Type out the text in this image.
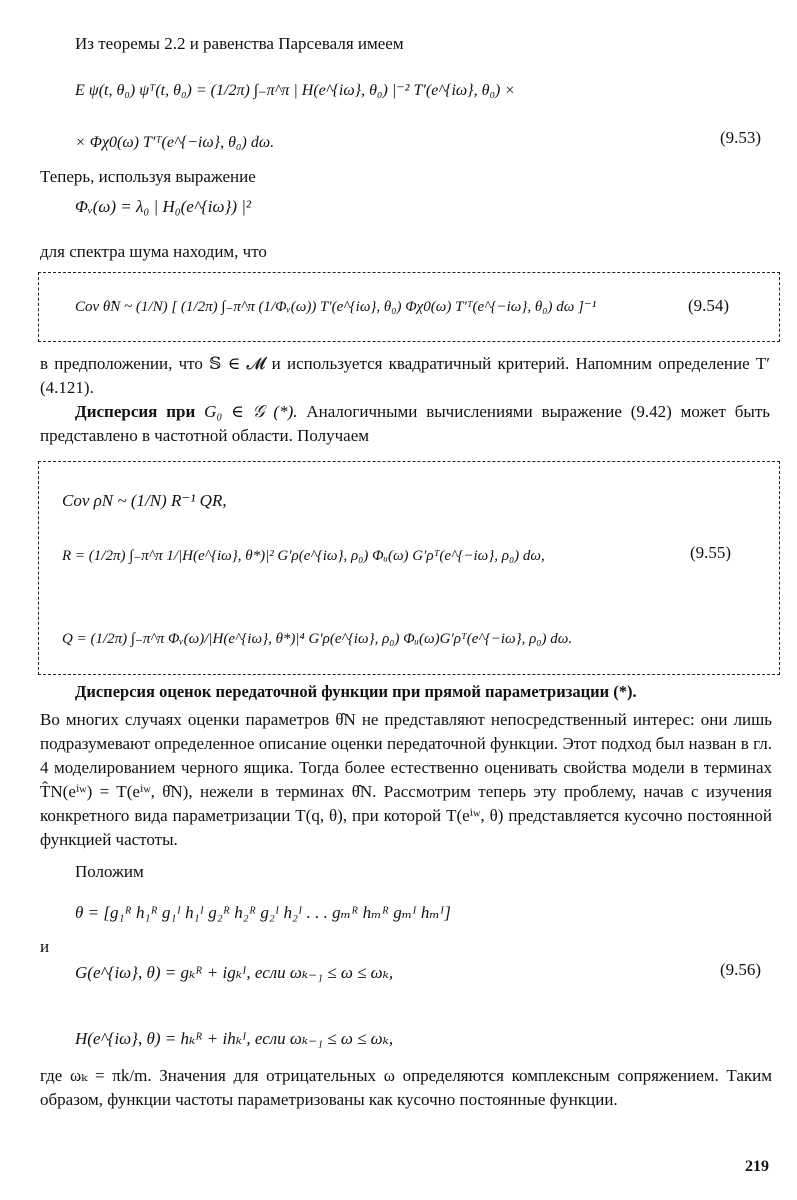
Из теоремы 2.2 и равенства Парсеваля имеем
E ψ(t, θ₀) ψᵀ(t, θ₀) = (1/2π) ∫₋π^π | H(e^{iω}, θ₀) |⁻² T′(e^{iω}, θ₀) ×
× Φχ0(ω) T′ᵀ(e^{−iω}, θ₀) dω.	(9.53)
Теперь, используя выражение
Φᵥ(ω) = λ₀ | H₀(e^{iω}) |²
для спектра шума находим, что
Cov θ̂N ~ (1/N) [ (1/2π) ∫₋π^π (1/Φᵥ(ω)) T′(e^{iω}, θ₀) Φχ0(ω) T′ᵀ(e^{−iω}, θ₀) dω ]⁻¹	(9.54)
в предположении, что 𝕊 ∈ 𝓜 и используется квадратичный критерий. Напомним определение T′ (4.121).
Дисперсия при G₀ ∈ 𝒢 (*). Аналогичными вычислениями выражение (9.42) может быть представлено в частотной области. Получаем
Cov ρN ~ (1/N) R⁻¹ QR,
R = (1/2π) ∫₋π^π 1/|H(e^{iω}, θ*)|² G′ρ(e^{iω}, ρ₀) Φᵤ(ω) G′ρᵀ(e^{−iω}, ρ₀) dω,	(9.55)
Q = (1/2π) ∫₋π^π Φᵥ(ω)/|H(e^{iω}, θ*)|⁴ G′ρ(e^{iω}, ρ₀) Φᵤ(ω)G′ρᵀ(e^{−iω}, ρ₀) dω.
Дисперсия оценок передаточной функции при прямой параметризации (*).
Во многих случаях оценки параметров θ̂N не представляют непосредственный интерес: они лишь подразумевают определенное описание оценки передаточной функции. Этот подход был назван в гл. 4 моделированием черного ящика. Тогда более естественно оценивать свойства модели в терминах T̂N(eⁱʷ) = T(eⁱʷ, θ̂N), нежели в терминах θ̂N. Рассмотрим теперь эту проблему, начав с изучения конкретного вида параметризации T(q, θ), при которой T(eⁱʷ, θ) представляется кусочно постоянной функцией частоты.
Положим
θ = [g₁ᴿ h₁ᴿ g₁ᴵ h₁ᴵ g₂ᴿ h₂ᴿ g₂ᴵ h₂ᴵ . . . gₘᴿ hₘᴿ gₘᴵ hₘᴵ]
и
G(e^{iω}, θ) = gₖᴿ + igₖᴵ, если ωₖ₋₁ ≤ ω ≤ ωₖ,	(9.56)
H(e^{iω}, θ) = hₖᴿ + ihₖᴵ, если ωₖ₋₁ ≤ ω ≤ ωₖ,
где ωₖ = πk/m. Значения для отрицательных ω определяются комплексным сопряжением. Таким образом, функции частоты параметризованы как кусочно постоянные функции.
219
